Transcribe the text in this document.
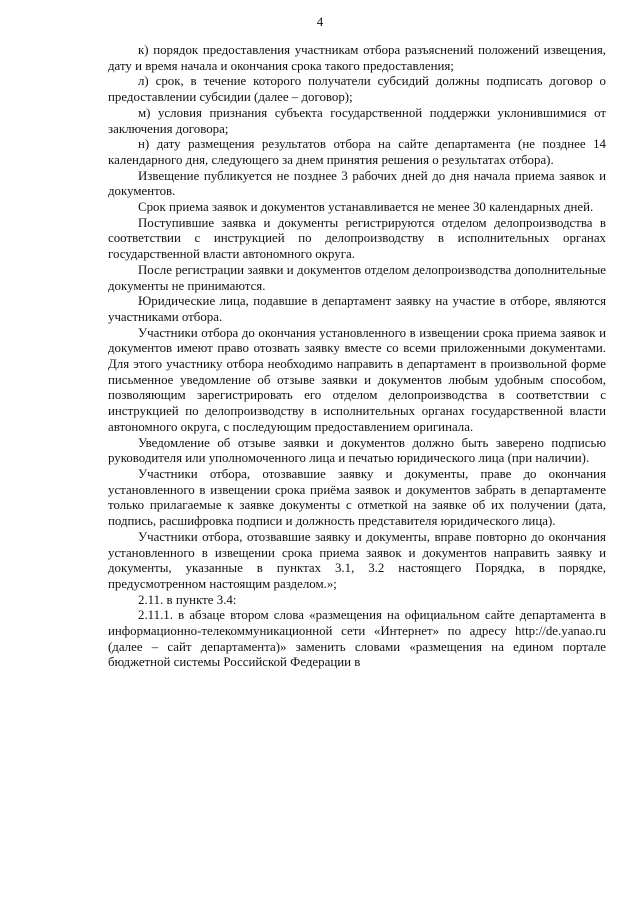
4

к) порядок предоставления участникам отбора разъяснений положений извещения, дату и время начала и окончания срока такого предоставления;

л) срок, в течение которого получатели субсидий должны подписать договор о предоставлении субсидии (далее – договор);

м) условия признания субъекта государственной поддержки уклонившимися от заключения договора;

н) дату размещения результатов отбора на сайте департамента (не позднее 14 календарного дня, следующего за днем принятия решения о результатах отбора).

Извещение публикуется не позднее 3 рабочих дней до дня начала приема заявок и документов.

Срок приема заявок и документов устанавливается не менее 30 календарных дней.

Поступившие заявка и документы регистрируются отделом делопроизводства в соответствии с инструкцией по делопроизводству в исполнительных органах государственной власти автономного округа.

После регистрации заявки и документов отделом делопроизводства дополнительные документы не принимаются.

Юридические лица, подавшие в департамент заявку на участие в отборе, являются участниками отбора.

Участники отбора до окончания установленного в извещении срока приема заявок и документов имеют право отозвать заявку вместе со всеми приложенными документами. Для этого участнику отбора необходимо направить в департамент в произвольной форме письменное уведомление об отзыве заявки и документов любым удобным способом, позволяющим зарегистрировать его отделом делопроизводства в соответствии с инструкцией по делопроизводству в исполнительных органах государственной власти автономного округа, с последующим предоставлением оригинала.

Уведомление об отзыве заявки и документов должно быть заверено подписью руководителя или уполномоченного лица и печатью юридического лица (при наличии).

Участники отбора, отозвавшие заявку и документы, праве до окончания установленного в извещении срока приёма заявок и документов забрать в департаменте только прилагаемые к заявке документы с отметкой на заявке об их получении (дата, подпись, расшифровка подписи и должность представителя юридического лица).

Участники отбора, отозвавшие заявку и документы, вправе повторно до окончания установленного в извещении срока приема заявок и документов направить заявку и документы, указанные в пунктах 3.1, 3.2 настоящего Порядка, в порядке, предусмотренном настоящим разделом.»;

2.11. в пункте 3.4:

2.11.1. в абзаце втором слова «размещения на официальном сайте департамента в информационно-телекоммуникационной сети «Интернет» по адресу http://de.yanao.ru (далее – сайт департамента)» заменить словами «размещения на едином портале бюджетной системы Российской Федерации в
